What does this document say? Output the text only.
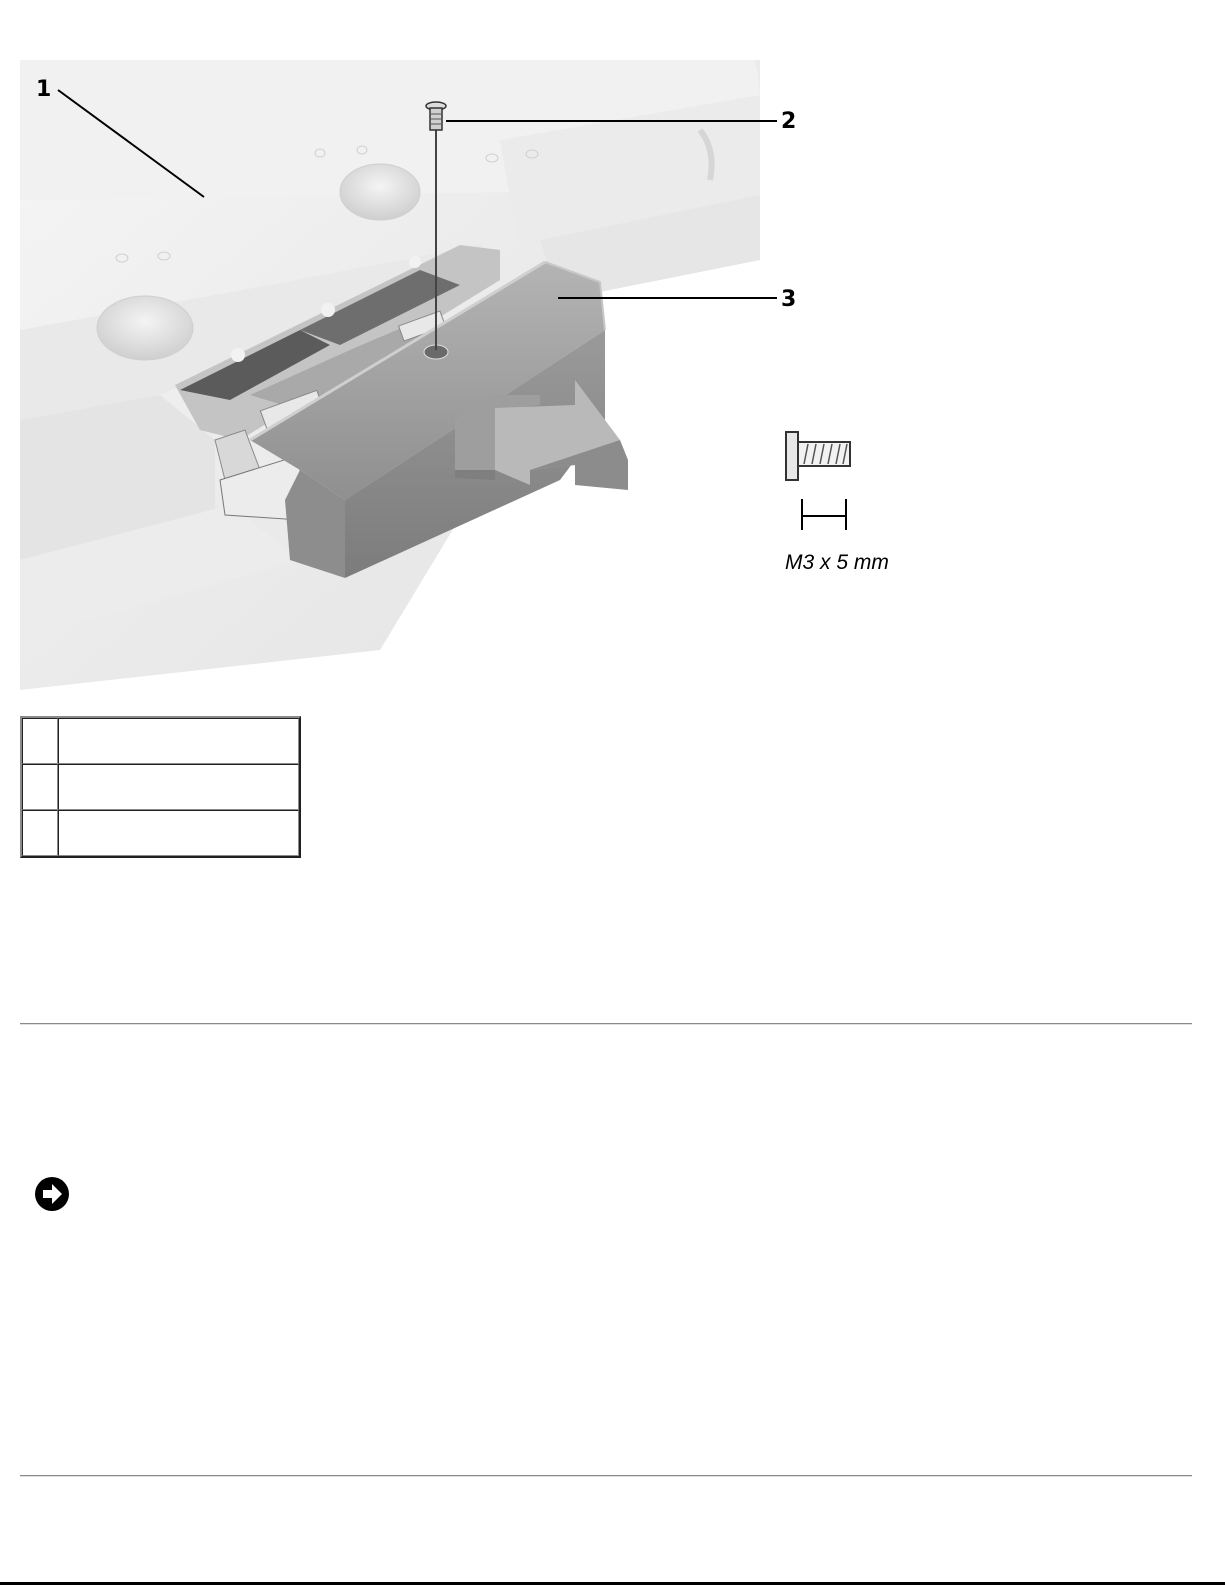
1
2
3
M3 x 5 mm
